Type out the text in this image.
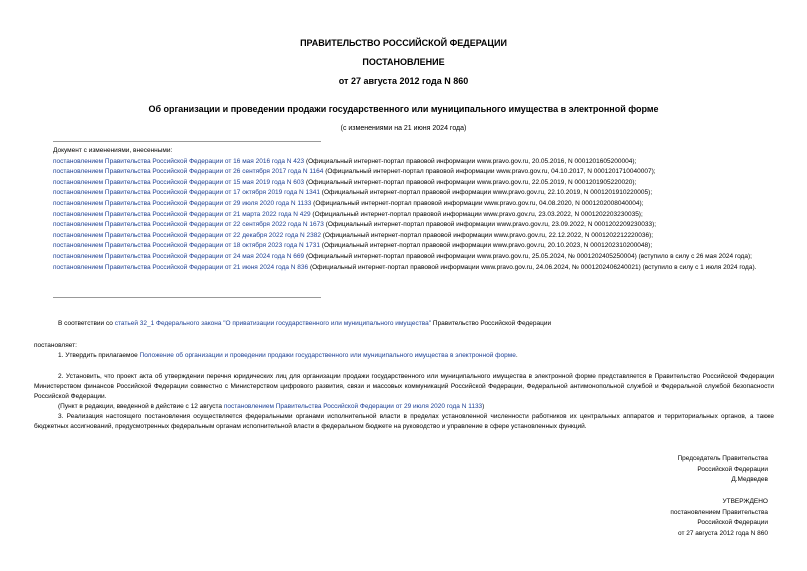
ПРАВИТЕЛЬСТВО РОССИЙСКОЙ ФЕДЕРАЦИИ
ПОСТАНОВЛЕНИЕ
от 27 августа 2012 года N 860
Об организации и проведении продажи государственного или муниципального имущества в электронной форме
(с изменениями на 21 июня 2024 года)

Документ с изменениями, внесенными:

постановлением Правительства Российской Федерации от 16 мая 2016 года N 423 (Официальный интернет-портал правовой информации www.pravo.gov.ru, 20.05.2016, N 0001201605200004);

постановлением Правительства Российской Федерации от 26 сентября 2017 года N 1164 (Официальный интернет-портал правовой информации www.pravo.gov.ru, 04.10.2017, N 0001201710040007);

постановлением Правительства Российской Федерации от 15 мая 2019 года N 603 (Официальный интернет-портал правовой информации www.pravo.gov.ru, 22.05.2019, N 0001201905220020);

постановлением Правительства Российской Федерации от 17 октября 2019 года N 1341 (Официальный интернет-портал правовой информации www.pravo.gov.ru, 22.10.2019, N 0001201910220005);

постановлением Правительства Российской Федерации от 29 июля 2020 года N 1133 (Официальный интернет-портал правовой информации www.pravo.gov.ru, 04.08.2020, N 0001202008040004);

постановлением Правительства Российской Федерации от 21 марта 2022 года N 429 (Официальный интернет-портал правовой информации www.pravo.gov.ru, 23.03.2022, N 0001202203230035);

постановлением Правительства Российской Федерации от 22 сентября 2022 года N 1673 (Официальный интернет-портал правовой информации www.pravo.gov.ru, 23.09.2022, N 0001202209230033);

постановлением Правительства Российской Федерации от 22 декабря 2022 года N 2382 (Официальный интернет-портал правовой информации www.pravo.gov.ru, 22.12.2022, N 0001202212220036);

постановлением Правительства Российской Федерации от 18 октября 2023 года N 1731 (Официальный интернет-портал правовой информации www.pravo.gov.ru, 20.10.2023, N 0001202310200048);

постановлением Правительства Российской Федерации от 24 мая 2024 года N 669 (Официальный интернет-портал правовой информации www.pravo.gov.ru, 25.05.2024, № 0001202405250004) (вступило в силу с 26 мая 2024 года);

постановлением Правительства Российской Федерации от 21 июня 2024 года N 836 (Официальный интернет-портал правовой информации www.pravo.gov.ru, 24.06.2024, № 0001202406240021) (вступило в силу с 1 июля 2024 года).

В соответствии со статьей 32_1 Федерального закона "О приватизации государственного или муниципального имущества" Правительство Российской Федерации

постановляет:

1. Утвердить прилагаемое Положение об организации и проведении продажи государственного или муниципального имущества в электронной форме.

2. Установить, что проект акта об утверждении перечня юридических лиц для организации продажи государственного или муниципального имущества в электронной форме представляется в Правительство Российской Федерации Министерством финансов Российской Федерации совместно с Министерством цифрового развития, связи и массовых коммуникаций Российской Федерации, Федеральной антимонопольной службой и Федеральной службой безопасности Российской Федерации.

(Пункт в редакции, введенной в действие с 12 августа постановлением Правительства Российской Федерации от 29 июля 2020 года N 1133)

3. Реализация настоящего постановления осуществляется федеральными органами исполнительной власти в пределах установленной численности работников их центральных аппаратов и территориальных органов, а также бюджетных ассигнований, предусмотренных федеральным органам исполнительной власти в федеральном бюджете на руководство и управление в сфере установленных функций.

Председатель Правительства

Российской Федерации

Д.Медведев

УТВЕРЖДЕНО

постановлением Правительства

Российской Федерации

от 27 августа 2012 года N 860
